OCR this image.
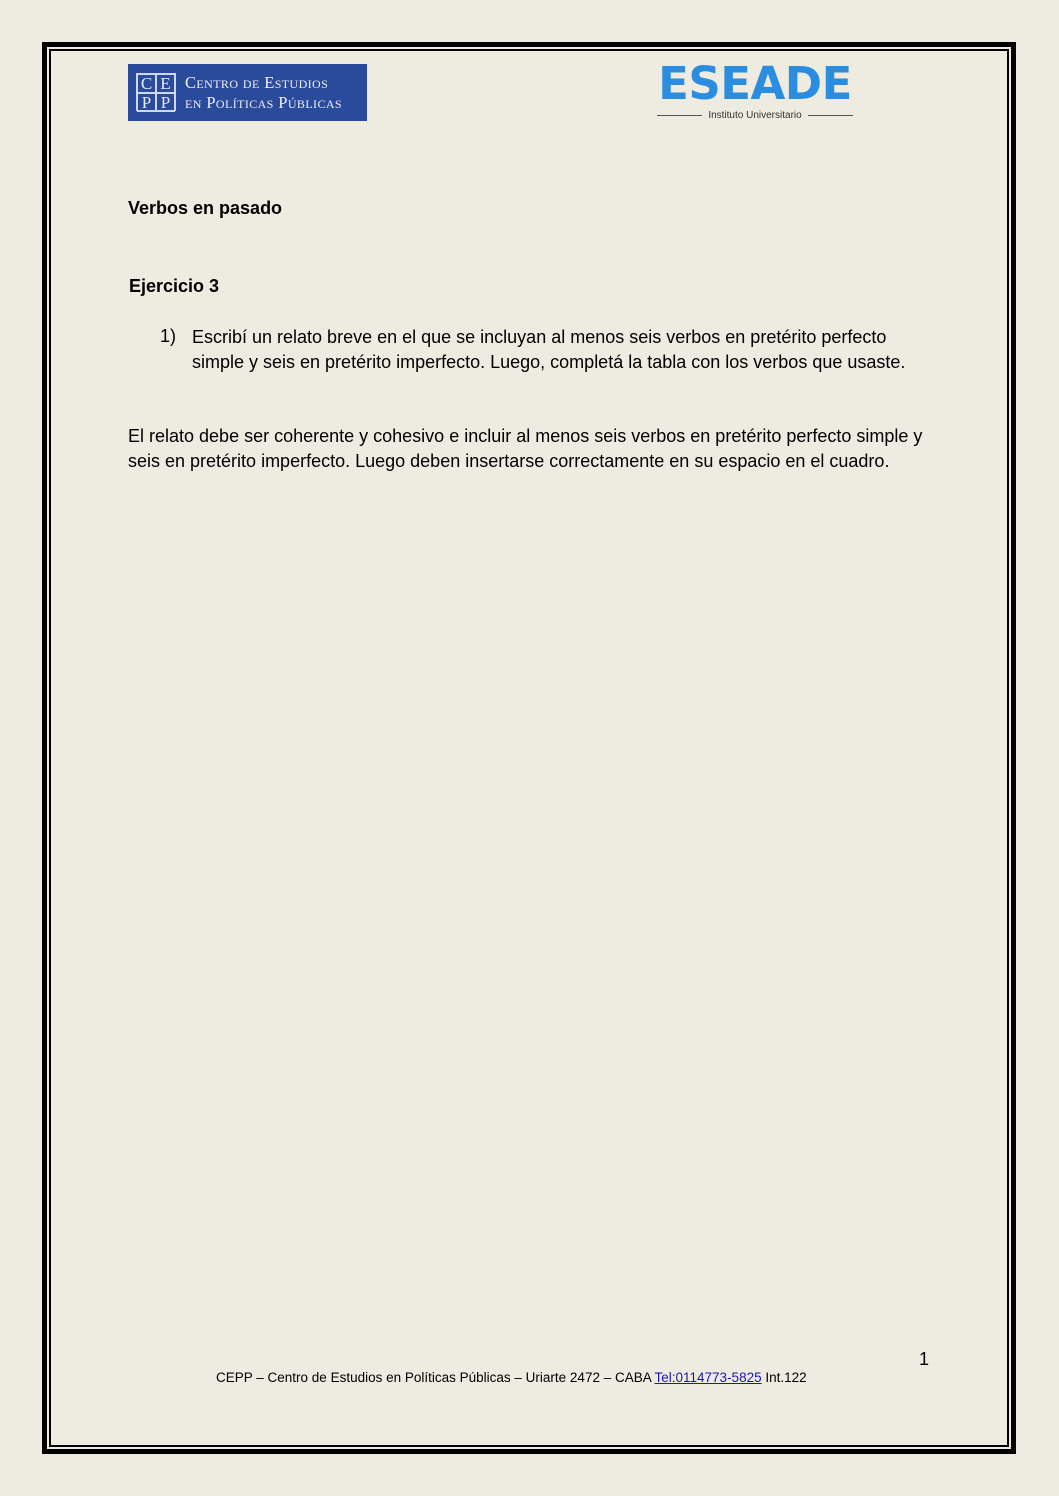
C E
P P
Centro de Estudios
en Políticas Públicas	ESEADE
Instituto Universitario
Verbos en pasado
Ejercicio 3
1) Escribí un relato breve en el que se incluyan al menos seis verbos en pretérito perfecto simple y seis en pretérito imperfecto. Luego, completá la tabla con los verbos que usaste.
El relato debe ser coherente y cohesivo e incluir al menos seis verbos en pretérito perfecto simple y seis en pretérito imperfecto. Luego deben insertarse correctamente en su espacio en el cuadro.
1
CEPP – Centro de Estudios en Políticas Públicas – Uriarte 2472 – CABA Tel:0114773-5825 Int.122
